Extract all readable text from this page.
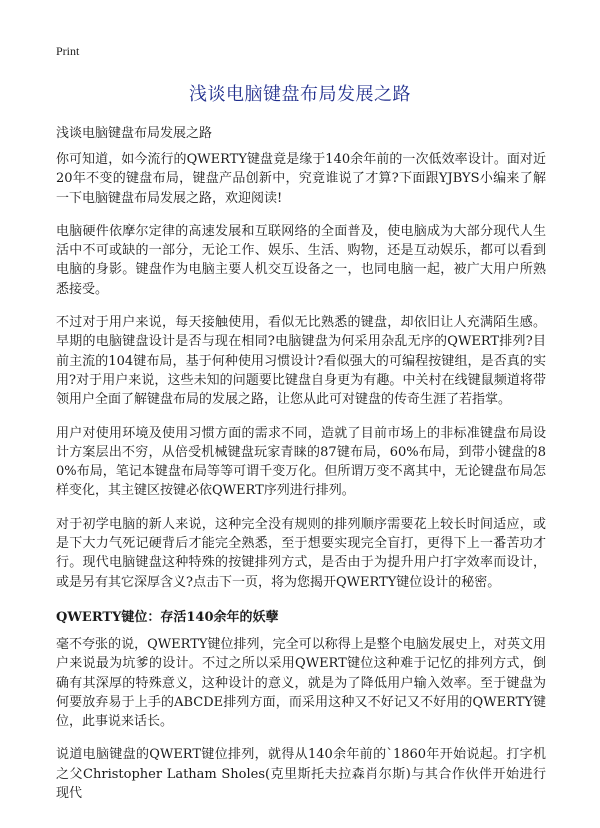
Print
浅谈电脑键盘布局发展之路

浅谈电脑键盘布局发展之路

你可知道，如今流行的QWERTY键盘竟是缘于140余年前的一次低效率设计。面对近20年不变的键盘布局，键盘产品创新中，究竟谁说了才算?下面跟YJBYS小编来了解一下电脑键盘布局发展之路，欢迎阅读!

电脑硬件依摩尔定律的高速发展和互联网络的全面普及，使电脑成为大部分现代人生活中不可或缺的一部分，无论工作、娱乐、生活、购物，还是互动娱乐，都可以看到电脑的身影。键盘作为电脑主要人机交互设备之一，也同电脑一起，被广大用户所熟悉接受。

不过对于用户来说，每天接触使用，看似无比熟悉的键盘，却依旧让人充满陌生感。早期的电脑键盘设计是否与现在相同?电脑键盘为何采用杂乱无序的QWERT排列?目前主流的104键布局，基于何种使用习惯设计?看似强大的可编程按键组，是否真的实用?对于用户来说，这些未知的问题要比键盘自身更为有趣。中关村在线键鼠频道将带领用户全面了解键盘布局的发展之路，让您从此可对键盘的传奇生涯了若指掌。

用户对使用环境及使用习惯方面的需求不同，造就了目前市场上的非标准键盘布局设计方案层出不穷，从倍受机械键盘玩家青睐的87键布局，60%布局，到带小键盘的80%布局，笔记本键盘布局等等可谓千变万化。但所谓万变不离其中，无论键盘布局怎样变化，其主键区按键必依QWERT序列进行排列。

对于初学电脑的新人来说，这种完全没有规则的排列顺序需要花上较长时间适应，或是下大力气死记硬背后才能完全熟悉，至于想要实现完全盲打，更得下上一番苦功才行。现代电脑键盘这种特殊的按键排列方式，是否由于为提升用户打字效率而设计，或是另有其它深厚含义?点击下一页，将为您揭开QWERTY键位设计的秘密。

QWERTY键位：存活140余年的妖孽

毫不夸张的说，QWERTY键位排列，完全可以称得上是整个电脑发展史上，对英文用户来说最为坑爹的设计。不过之所以采用QWERT键位这种难于记忆的排列方式，倒确有其深厚的特殊意义，这种设计的意义，就是为了降低用户输入效率。至于键盘为何要放弃易于上手的ABCDE排列方面，而采用这种又不好记又不好用的QWERTY键位，此事说来话长。

说道电脑键盘的QWERT键位排列，就得从140余年前的`1860年开始说起。打字机之父Christopher Latham Sholes(克里斯托夫拉森肖尔斯)与其合作伙伴开始进行现代
